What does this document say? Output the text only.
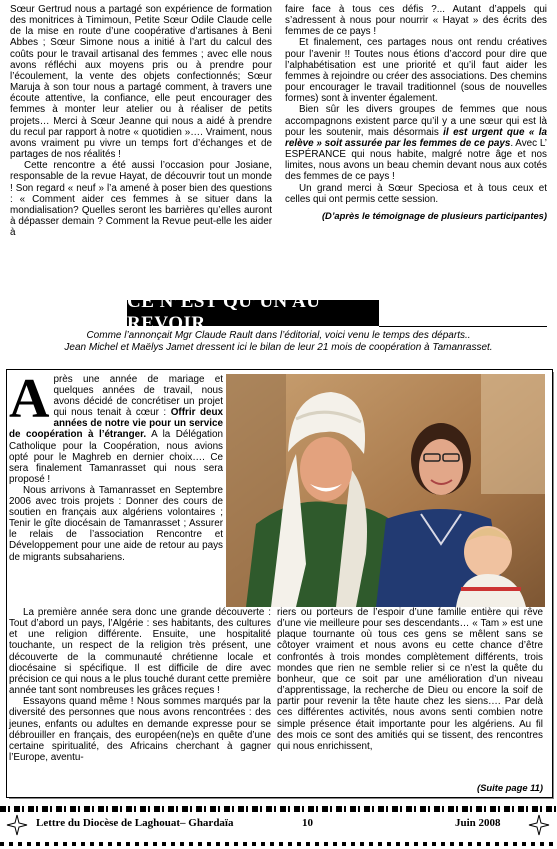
Sœur Gertrud nous a partagé son expérience de formation des monitrices à Timimoun, Petite Sœur Odile Claude celle de la mise en route d’une coopérative d’artisanes à Beni Abbes ; Sœur Simone nous a initié à l’art du calcul des coûts pour le travail artisanal des femmes ; avec elle nous avons réfléchi aux moyens pris ou à prendre pour l’écoulement, la vente des objets confectionnés; Sœur Maruja à son tour nous a partagé comment, à travers une écoute attentive, la confiance, elle peut encourager des femmes à monter leur atelier ou à réaliser de petits projets… Merci à Sœur Jeanne qui nous a aidé à prendre du recul par rapport à notre « quotidien »…. Vraiment, nous avons vraiment pu vivre un temps fort d’échanges et de partages de nos réalités !

Cette rencontre a été aussi l’occasion pour Josiane, responsable de la revue Hayat, de découvrir tout un monde ! Son regard « neuf » l’a amené à poser bien des questions : « Comment aider ces femmes à se situer dans la mondialisation? Quelles seront les barrières qu’elles auront à dépasser demain ? Comment la Revue peut-elle les aider à

faire face à tous ces défis ?... Autant d’appels qui s’adressent à nous pour nourrir « Hayat » des écrits des femmes de ce pays !

Et finalement, ces partages nous ont rendu créatives pour l’avenir !! Toutes nous étions d’accord pour dire que l’alphabétisation est une priorité et qu’il faut aider les femmes à rejoindre ou créer des associations. Des chemins pour encourager le travail traditionnel (sous de nouvelles formes) sont à inventer également.

Bien sûr les divers groupes de femmes que nous accompagnons existent parce qu’il y a une sœur qui est là pour les soutenir, mais désormais il est urgent que « la relève » soit assurée par les femmes de ce pays. Avec L’ ESPÉRANCE qui nous habite, malgré notre âge et nos limites, nous avons un beau chemin devant nous aux cotés des femmes de ce pays !

Un grand merci à Sœur Speciosa et à tous ceux et celles qui ont permis cette session.

(D’après le témoignage de plusieurs participantes)
CE N’EST QU’UN AU REVOIR
Comme l’annonçait Mgr Claude Rault dans l’éditorial, voici venu le temps des départs..
Jean Michel et Maëlys Jamet dressent ici le bilan de leur 21 mois de coopération à Tamanrasset.

Après une année de mariage et quelques années de travail, nous avons décidé de concrétiser un projet qui nous tenait à cœur : Offrir deux années de notre vie pour un service de coopération à l’étranger. A la Délégation Catholique pour la Coopération, nous avions opté pour le Maghreb en dernier choix…. Ce sera finalement Tamanrasset qui nous sera proposé !

Nous arrivons à Tamanrasset en Septembre 2006 avec trois projets : Donner des cours de soutien en français aux algériens volontaires ; Tenir le gîte diocésain de Tamanrasset ; Assurer le relais de l’association Rencontre et Développement pour une aide de retour au pays de migrants subsahariens.

La première année sera donc une grande découverte : Tout d’abord un pays, l’Algérie : ses habitants, des cultures et une religion différente. Ensuite, une hospitalité touchante, un respect de la religion très présent, une découverte de la communauté chrétienne locale et diocésaine si spécifique. Il est difficile de dire avec précision ce qui nous a le plus touché durant cette première année tant sont nombreuses les grâces reçues !

Essayons quand même ! Nous sommes marqués par la diversité des personnes que nous avons rencontrées : des jeunes, enfants ou adultes en demande expresse pour se débrouiller en français, des européen(ne)s en quête d’une certaine spiritualité, des Africains cherchant à gagner l’Europe, aventu-

riers ou porteurs de l’espoir d’une famille entière qui rêve d’une vie meilleure pour ses descendants… « Tam » est une plaque tournante où tous ces gens se mêlent sans se côtoyer vraiment et nous avons eu cette chance d’être confrontés à trois mondes complètement différents, trois mondes que rien ne semble relier si ce n’est la quête du bonheur, que ce soit par une amélioration d’un niveau d’apprentissage, la recherche de Dieu ou encore la soif de partir pour revenir la tête haute chez les siens…. Par delà ces différentes activités, nous avons senti combien notre simple présence était importante pour les algériens. Au fil des mois ce sont des amitiés qui se tissent, des rencontres qui nous enrichissent,

(Suite page 11)
Lettre du Diocèse de Laghouat– Ghardaïa	10	Juin 2008
